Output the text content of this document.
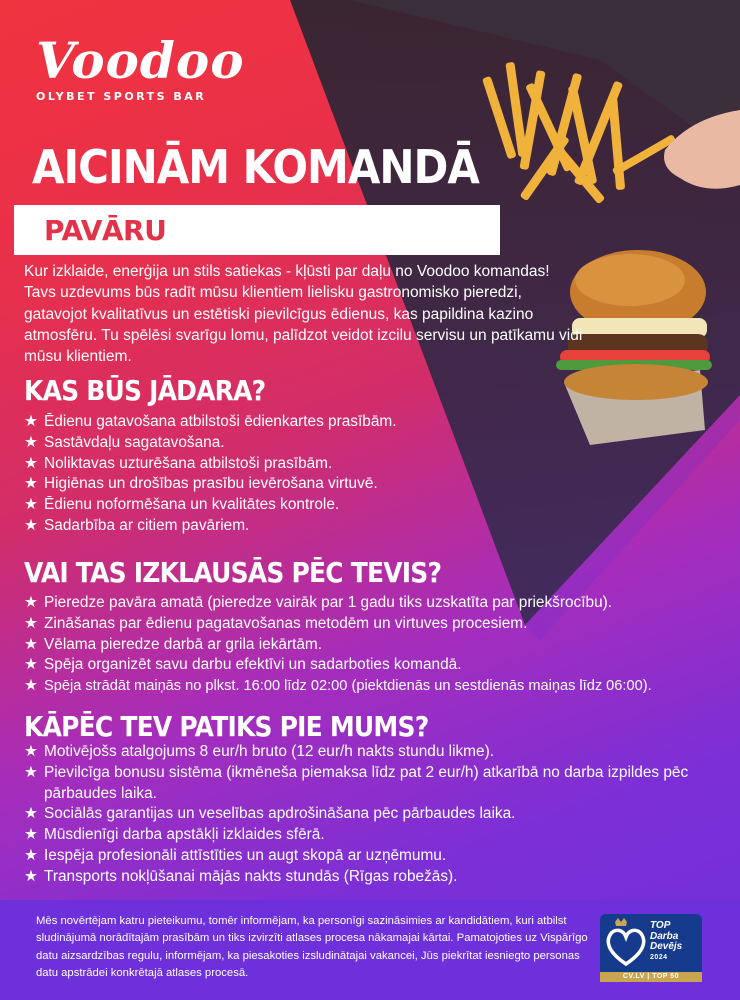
Voodoo
OLYBET SPORTS BAR
AICINĀM KOMANDĀ
PAVĀRU
Kur izklaide, enerģija un stils satiekas - kļūsti par daļu no Voodoo komandas! Tavs uzdevums būs radīt mūsu klientiem lielisku gastronomisko pieredzi, gatavojot kvalitatīvus un estētiski pievilcīgus ēdienus, kas papildina kazino atmosfēru. Tu spēlēsi svarīgu lomu, palīdzot veidot izcilu servisu un patīkamu vidi mūsu klientiem.
KAS BŪS JĀDARA?
★ Ēdienu gatavošana atbilstoši ēdienkartes prasībām.
★ Sastāvdaļu sagatavošana.
★ Noliktavas uzturēšana atbilstoši prasībām.
★ Higiēnas un drošības prasību ievērošana virtuvē.
★ Ēdienu noformēšana un kvalitātes kontrole.
★ Sadarbība ar citiem pavāriem.
VAI TAS IZKLAUSĀS PĒC TEVIS?
★ Pieredze pavāra amatā (pieredze vairāk par 1 gadu tiks uzskatīta par priekšrocību).
★ Zināšanas par ēdienu pagatavošanas metodēm un virtuves procesiem.
★ Vēlama pieredze darbā ar grila iekārtām.
★ Spēja organizēt savu darbu efektīvi un sadarboties komandā.
★ Spēja strādāt maiņās no plkst. 16:00 līdz 02:00 (piektdienās un sestdienās maiņas līdz 06:00).
KĀPĒC TEV PATIKS PIE MUMS?
★ Motivējošs atalgojums 8 eur/h bruto (12 eur/h nakts stundu likme).
★ Pievilcīga bonusu sistēma (ikmēneša piemaksa līdz pat 2 eur/h) atkarībā no darba izpildes pēc pārbaudes laika.
★ Sociālās garantijas un veselības apdrošināšana pēc pārbaudes laika.
★ Mūsdienīgi darba apstākļi izklaides sfērā.
★ Iespēja profesionāli attīstīties un augt skopā ar uzņēmumu.
★ Transports nokļūšanai mājās nakts stundās (Rīgas robežās).
Mēs novērtējam katru pieteikumu, tomēr informējam, ka personīgi sazināsimies ar kandidātiem, kuri atbilst sludinājumā norādītajām prasībām un tiks izvirzīti atlases procesa nākamajai kārtai. Pamatojoties uz Vispārīgo datu aizsardzības regulu, informējam, ka piesakoties izsludinātajai vakancei, Jūs piekrītat iesniegto personas datu apstrādei konkrētajā atlases procesā.
TOP
Darba
Devējs
2024
CV.LV | TOP 50
